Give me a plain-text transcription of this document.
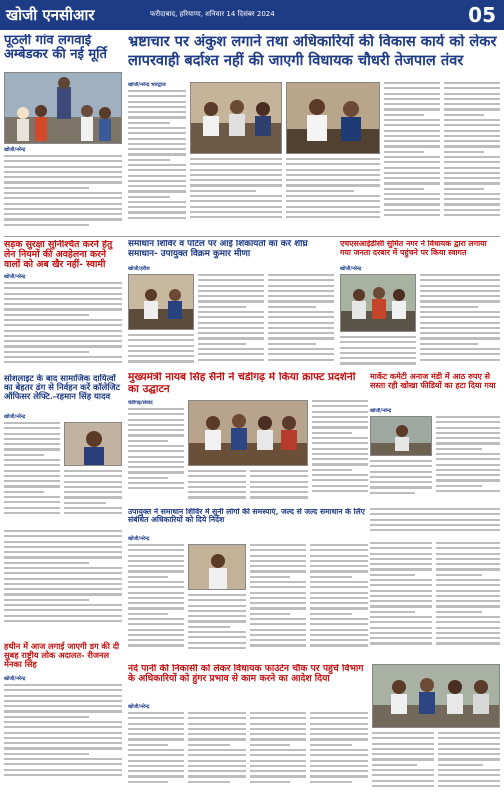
खोजी एनसीआर	फरीदाबाद, हरियाणा, शनिवार 14 दिसंबर 2024	05
पूठली गांव लगवाई अम्बेडकर की नई मूर्ति
खोजी/नरेन्द्र
भ्रष्टाचार पर अंकुश लगाने तथा अधिकारियों की विकास कार्य को लेकर
लापरवाही बर्दाश्त नहीं की जाएगी विधायक चौधरी तेजपाल तंवर
खोजी/नरेन्द्र भारद्वाज
सड़क सुरक्षा सुनिश्चित करने हेतु लेन नियमों की अवहेलना करने वालों को अब खैर नहीं- स्वामी
खोजी/नरेन्द्र
समाधान शिविर व पोर्टल पर आई शिकायतों का करें शीघ्र समाधान- उपायुक्त विक्रम कुमार मीणा
खोजी/हरीश
एचएसआईडीसी सुमित नगर ने विधायक द्वारा लगाया गया जनता दरबार में पहुंचने पर किया स्वागत
खोजी/नरेन्द्र
मुख्यमंत्री नायब सिंह सैनी ने चंडीगढ़ में किया क्राफ्ट प्रदर्शनी का उद्घाटन
मार्केट कमेटी अनाज मंडी में आठ रुपए से सस्ता रही खोखा फीडियों का हटा दिया गया
सोशलाइट के बाद सामाजिक दायित्वों का बेहतर ढंग से निर्वहन करें कॉलेजिट ऑफिसर लेफ्टि.-रहमान सिंह यादव
खोजी/नरेन्द्र
चंडीगढ़/संवाद
खोजी/नरेन्द्र
उपायुक्त ने समाधान शिविर में सुनी लोगों की समस्याएं, जल्द से जल्द समाधान के लिए संबंधित अधिकारियों को दिये निर्देश
खोजी/नरेन्द्र
हथीन में आज लगाई जाएगी डग की दी सुबह राष्ट्रीय लोक अदालत- रीजनल मेनका सिंह
खोजी/नरेन्द्र
नंदे पानी की निकासी को लेकर विधायक फाउंटेन चौक पर पहुंचे विभाग के अधिकारियों को हुंगर प्रभाव से काम करने का आदेश दिया
खोजी/नरेन्द्र
